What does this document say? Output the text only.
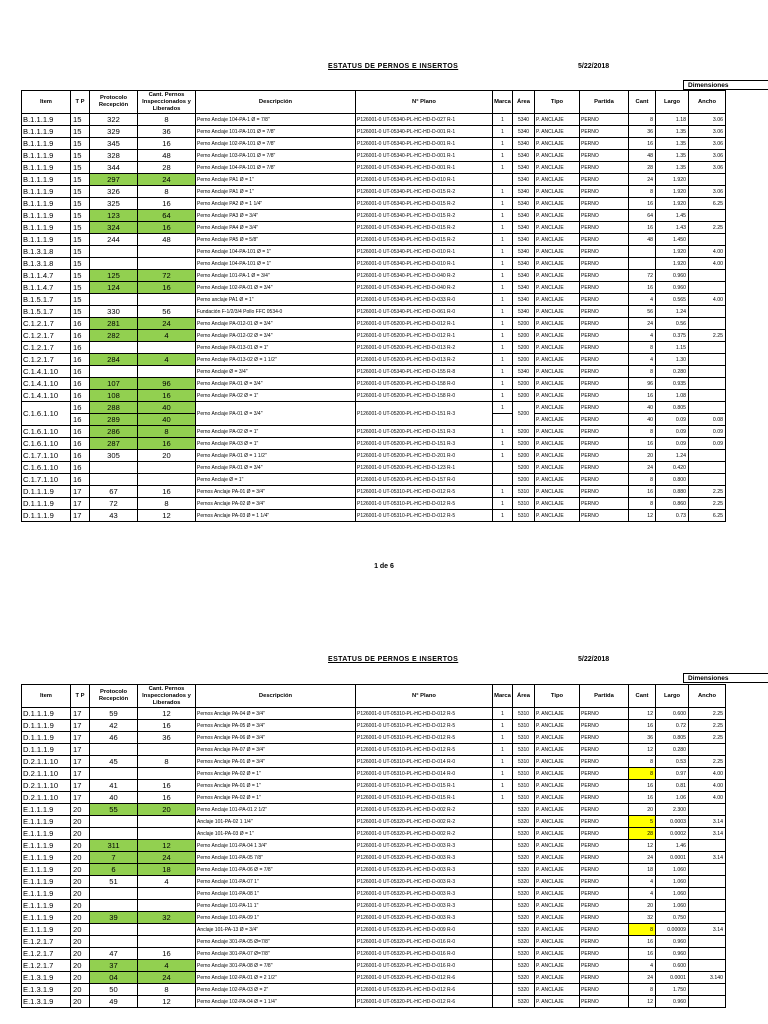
ESTATUS DE PERNOS E INSERTOS	5/22/2018
Dimensiones
Item	T P	Protocolo Recepción	Cant. Pernos Inspeccionados y Liberados	Descripción	N° Plano	Marca	Área	Tipo	Partida	Cant	Largo	Ancho
B.1.1.1.9	15	322	8	Perno Anclaje 104-PA-1 Ø = 7/8"	P126001-0 UT-05340-PL-HC-HD-D-027 R-1	1	5340	P. ANCLAJE	PERNO	8	1.18	3.06
B.1.1.1.9	15	329	36	Perno Anclaje 101-PA-101 Ø = 7/8"	P126001-0 UT-05340-PL-HC-HD-D-001 R-1	1	5340	P. ANCLAJE	PERNO	36	1.35	3.06
B.1.1.1.9	15	345	16	Perno Anclaje 102-PA-101 Ø = 7/8"	P126001-0 UT-05340-PL-HC-HD-D-001 R-1	1	5340	P. ANCLAJE	PERNO	16	1.35	3.06
B.1.1.1.9	15	328	48	Perno Anclaje 103-PA-101 Ø = 7/8"	P126001-0 UT-05340-PL-HC-HD-D-001 R-1	1	5340	P. ANCLAJE	PERNO	48	1.35	3.06
B.1.1.1.9	15	344	28	Perno Anclaje 104-PA-101 Ø = 7/8"	P126001-0 UT-05340-PL-HC-HD-D-001 R-1	1	5340	P. ANCLAJE	PERNO	28	1.35	3.06
B.1.1.1.9	15	297	24	Perno Anclaje PA1 Ø = 1"	P126001-0 UT-05340-PL-HC-HD-D-010 R-1		5340	P. ANCLAJE	PERNO	24	1.920	
B.1.1.1.9	15	326	8	Perno Anclaje PA1 Ø = 1"	P126001-0 UT-05340-PL-HC-HD-D-015 R-2	1	5340	P. ANCLAJE	PERNO	8	1.920	3.06
B.1.1.1.9	15	325	16	Perno Anclaje PA2 Ø = 1 1/4"	P126001-0 UT-05340-PL-HC-HD-D-015 R-2	1	5340	P. ANCLAJE	PERNO	16	1.920	6.25
B.1.1.1.9	15	123	64	Perno Anclaje PA3 Ø = 3/4"	P126001-0 UT-05340-PL-HC-HD-D-015 R-2	1	5340	P. ANCLAJE	PERNO	64	1.45	
B.1.1.1.9	15	324	16	Perno Anclaje PA4 Ø = 3/4"	P126001-0 UT-05340-PL-HC-HD-D-015 R-2	1	5340	P. ANCLAJE	PERNO	16	1.43	2.25
B.1.1.1.9	15	244	48	Perno Anclaje PA5 Ø = 5/8"	P126001-0 UT-05340-PL-HC-HD-D-015 R-2	1	5340	P. ANCLAJE	PERNO	48	1.450	
B.1.3.1.8	15			Perno Anclaje 104-PA-101 Ø = 1"	P126001-0 UT-05340-PL-HC-HD-D-010 R-1	1	5340	P. ANCLAJE	PERNO		1.920	4.00
B.1.3.1.8	15			Perno Anclaje 104-PA-101 Ø = 1"	P126001-0 UT-05340-PL-HC-HD-D-010 R-1	1	5340	P. ANCLAJE	PERNO		1.920	4.00
B.1.1.4.7	15	125	72	Perno Anclaje 101-PA-1 Ø = 3/4"	P126001-0 UT-05340-PL-HC-HD-D-040 R-2	1	5340	P. ANCLAJE	PERNO	72	0.960	
B.1.1.4.7	15	124	16	Perno Anclaje 102-PA-01 Ø = 3/4"	P126001-0 UT-05340-PL-HC-HD-D-040 R-2	1	5340	P. ANCLAJE	PERNO	16	0.960	
B.1.5.1.7	15			Perno anclaje PA1 Ø = 1"	P126001-0 UT-05340-PL-HC-HD-D-033 R-0	1	5340	P. ANCLAJE	PERNO	4	0.565	4.00
B.1.5.1.7	15	330	56	Fundación F-1/2/3/4 Pollo FFC 0534-0	P126001-0 UT-05340-PL-HC-HD-D-061 R-0	1	5340	P. ANCLAJE	PERNO	56	1.24	
C.1.2.1.7	16	281	24	Perno Anclaje PA-012-01 Ø = 3/4"	P126001-0 UT-05200-PL-HC-HD-D-012 R-1	1	5200	P. ANCLAJE	PERNO	24	0.56	
C.1.2.1.7	16	282	4	Perno Anclaje PA-012-02 Ø = 3/4"	P126001-0 UT-05200-PL-HC-HD-D-012 R-1	1	5200	P. ANCLAJE	PERNO	4	0.375	2.25
C.1.2.1.7	16			Perno Anclaje PA-013-01 Ø = 1"	P126001-0 UT-05200-PL-HC-HD-D-013 R-2	1	5200	P. ANCLAJE	PERNO	8	1.15	
C.1.2.1.7	16	284	4	Perno Anclaje PA-013-02 Ø = 1 1/2"	P126001-0 UT-05200-PL-HC-HD-D-013 R-2	1	5200	P. ANCLAJE	PERNO	4	1.30	
C.1.4.1.10	16			Perno Anclaje Ø = 3/4"	P126001-0 UT-05340-PL-HC-HD-D-155 R-8	1	5340	P. ANCLAJE	PERNO	8	0.280	
C.1.4.1.10	16	107	96	Perno Anclaje PA-01 Ø = 3/4"	P126001-0 UT-05200-PL-HC-HD-D-158 R-0	1	5200	P. ANCLAJE	PERNO	96	0.935	
C.1.4.1.10	16	108	16	Perno Anclaje PA-02 Ø = 1"	P126001-0 UT-05200-PL-HC-HD-D-158 R-0	1	5200	P. ANCLAJE	PERNO	16	1.08	
C.1.6.1.10	16	288	40	Perno Anclaje PA-01 Ø = 3/4"	P126001-0 UT-05200-PL-HC-HD-D-151 R-3	1	5200	P. ANCLAJE	PERNO	40	0.805	
	16	289	40					P. ANCLAJE	PERNO	40	0.09	0.08
C.1.6.1.10	16	286	8	Perno Anclaje PA-02 Ø = 1"	P126001-0 UT-05200-PL-HC-HD-D-151 R-3	1	5200	P. ANCLAJE	PERNO	8	0.09	0.09
C.1.6.1.10	16	287	16	Perno Anclaje PA-03 Ø = 1"	P126001-0 UT-05200-PL-HC-HD-D-151 R-3	1	5200	P. ANCLAJE	PERNO	16	0.09	0.09
C.1.7.1.10	16	305	20	Perno Anclaje PA-01 Ø = 1 1/2"	P126001-0 UT-05200-PL-HC-HD-D-201 R-0	1	5200	P. ANCLAJE	PERNO	20	1.24	
C.1.6.1.10	16			Perno Anclaje PA-01 Ø = 3/4"	P126001-0 UT-05200-PL-HC-HD-D-123 R-1		5200	P. ANCLAJE	PERNO	24	0.420	
C.1.7.1.10	16			Perno Anclaje Ø = 1"	P126001-0 UT-05200-PL-HC-HD-D-157 R-0		5200	P. ANCLAJE	PERNO	8	0.800	
D.1.1.1.9	17	67	16	Pernos Anclaje PA-01 Ø = 3/4"	P126001-0 UT-05310-PL-HC-HD-D-012 R-5	1	5310	P. ANCLAJE	PERNO	16	0.880	2.25
D.1.1.1.9	17	72	8	Pernos Anclaje PA-02 Ø = 3/4"	P126001-0 UT-05310-PL-HC-HD-D-012 R-5	1	5310	P. ANCLAJE	PERNO	8	0.860	2.25
D.1.1.1.9	17	43	12	Pernos Anclaje PA-03 Ø = 1 1/4"	P126001-0 UT-05310-PL-HC-HD-D-012 R-5	1	5310	P. ANCLAJE	PERNO	12	0.73	6.25
1 de 6
ESTATUS DE PERNOS E INSERTOS	5/22/2018
Dimensiones
Item	T P	Protocolo Recepción	Cant. Pernos Inspeccionados y Liberados	Descripción	N° Plano	Marca	Área	Tipo	Partida	Cant	Largo	Ancho
D.1.1.1.9	17	59	12	Pernos Anclaje PA-04 Ø = 3/4"	P126001-0 UT-05310-PL-HC-HD-D-012 R-5	1	5310	P. ANCLAJE	PERNO	12	0.600	2.25
D.1.1.1.9	17	42	16	Pernos Anclaje PA-05 Ø = 3/4"	P126001-0 UT-05310-PL-HC-HD-D-012 R-5	1	5310	P. ANCLAJE	PERNO	16	0.72	2.25
D.1.1.1.9	17	46	36	Pernos Anclaje PA-06 Ø = 3/4"	P126001-0 UT-05310-PL-HC-HD-D-012 R-5	1	5310	P. ANCLAJE	PERNO	36	0.805	2.25
D.1.1.1.9	17			Pernos Anclaje PA-07 Ø = 3/4"	P126001-0 UT-05310-PL-HC-HD-D-012 R-5	1	5310	P. ANCLAJE	PERNO	12	0.280	
D.2.1.1.10	17	45	8	Pernos Anclaje PA-01 Ø = 3/4"	P126001-0 UT-05310-PL-HC-HD-D-014 R-0	1	5310	P. ANCLAJE	PERNO	8	0.53	2.25
D.2.1.1.10	17			Pernos Anclaje PA-02 Ø = 1"	P126001-0 UT-05310-PL-HC-HD-D-014 R-0	1	5310	P. ANCLAJE	PERNO	8	0.97	4.00
D.2.1.1.10	17	41	16	Pernos Anclaje PA-01 Ø = 1"	P126001-0 UT-05310-PL-HC-HD-D-015 R-1	1	5310	P. ANCLAJE	PERNO	16	0.81	4.00
D.2.1.1.10	17	40	16	Pernos Anclaje PA-02 Ø = 1"	P126001-0 UT-05310-PL-HC-HD-D-015 R-1	1	5310	P. ANCLAJE	PERNO	16	1.06	4.00
E.1.1.1.9	20	55	20	Perno Anclaje 101-PA-01 2 1/2"	P126001-0 UT-05320-PL-HC-HD-D-002 R-2		5320	P. ANCLAJE	PERNO	20	2.300	
E.1.1.1.9	20			Anclaje 101-PA-02 1 1/4"	P126001-0 UT-05320-PL-HC-HD-D-002 R-2		5320	P. ANCLAJE	PERNO	5	0.0003	3.14
E.1.1.1.9	20			Anclaje 101-PA-03 Ø = 1"	P126001-0 UT-05320-PL-HC-HD-D-002 R-2		5320	P. ANCLAJE	PERNO	28	0.0002	3.14
E.1.1.1.9	20	311	12	Perno Anclaje 101-PA-04 1 3/4"	P126001-0 UT-05320-PL-HC-HD-D-003 R-3		5320	P. ANCLAJE	PERNO	12	1.46	
E.1.1.1.9	20	7	24	Perno Anclaje 101-PA-05 7/8"	P126001-0 UT-05320-PL-HC-HD-D-003 R-3		5320	P. ANCLAJE	PERNO	24	0.0001	3.14
E.1.1.1.9	20	6	18	Perno Anclaje 101-PA-06 Ø = 7/8"	P126001-0 UT-05320-PL-HC-HD-D-003 R-3		5320	P. ANCLAJE	PERNO	18	1.060	
E.1.1.1.9	20	51	4	Perno Anclaje 101-PA-07 1"	P126001-0 UT-05320-PL-HC-HD-D-003 R-3		5320	P. ANCLAJE	PERNO	4	1.060	
E.1.1.1.9	20			Perno Anclaje 101-PA-08 1"	P126001-0 UT-05320-PL-HC-HD-D-003 R-3		5320	P. ANCLAJE	PERNO	4	1.060	
E.1.1.1.9	20			Perno Anclaje 101-PA-11 1"	P126001-0 UT-05320-PL-HC-HD-D-003 R-3		5320	P. ANCLAJE	PERNO	20	1.060	
E.1.1.1.9	20	39	32	Perno Anclaje 101-PA-09 1"	P126001-0 UT-05320-PL-HC-HD-D-003 R-3		5320	P. ANCLAJE	PERNO	32	0.750	
E.1.1.1.9	20			Anclaje 101-PA-13 Ø = 3/4"	P126001-0 UT-05320-PL-HC-HD-D-009 R-0		5320	P. ANCLAJE	PERNO	8	0.00009	3.14
E.1.2.1.7	20			Perno Anclaje 301-PA-05 Ø=7/8"	P126001-0 UT-05320-PL-HC-HD-D-016 R-0		5320	P. ANCLAJE	PERNO	16	0.960	
E.1.2.1.7	20	47	16	Perno Anclaje 301-PA-07 Ø=7/8"	P126001-0 UT-05320-PL-HC-HD-D-016 R-0		5320	P. ANCLAJE	PERNO	16	0.960	
E.1.2.1.7	20	37	4	Perno Anclaje 301-PA-08 Ø = 7/8"	P126001-0 UT-05320-PL-HC-HD-D-016 R-0		5320	P. ANCLAJE	PERNO	4	0.600	
E.1.3.1.9	20	04	24	Perno Anclaje 102-PA-01 Ø = 2 1/2"	P126001-0 UT-05320-PL-HC-HD-D-012 R-6		5320	P. ANCLAJE	PERNO	24	0.0001	3.140
E.1.3.1.9	20	50	8	Perno Anclaje 102-PA-03 Ø = 2"	P126001-0 UT-05320-PL-HC-HD-D-012 R-6		5320	P. ANCLAJE	PERNO	8	1.750	
E.1.3.1.9	20	49	12	Perno Anclaje 102-PA-04 Ø = 1 1/4"	P126001-0 UT-05320-PL-HC-HD-D-012 R-6		5320	P. ANCLAJE	PERNO	12	0.960	
